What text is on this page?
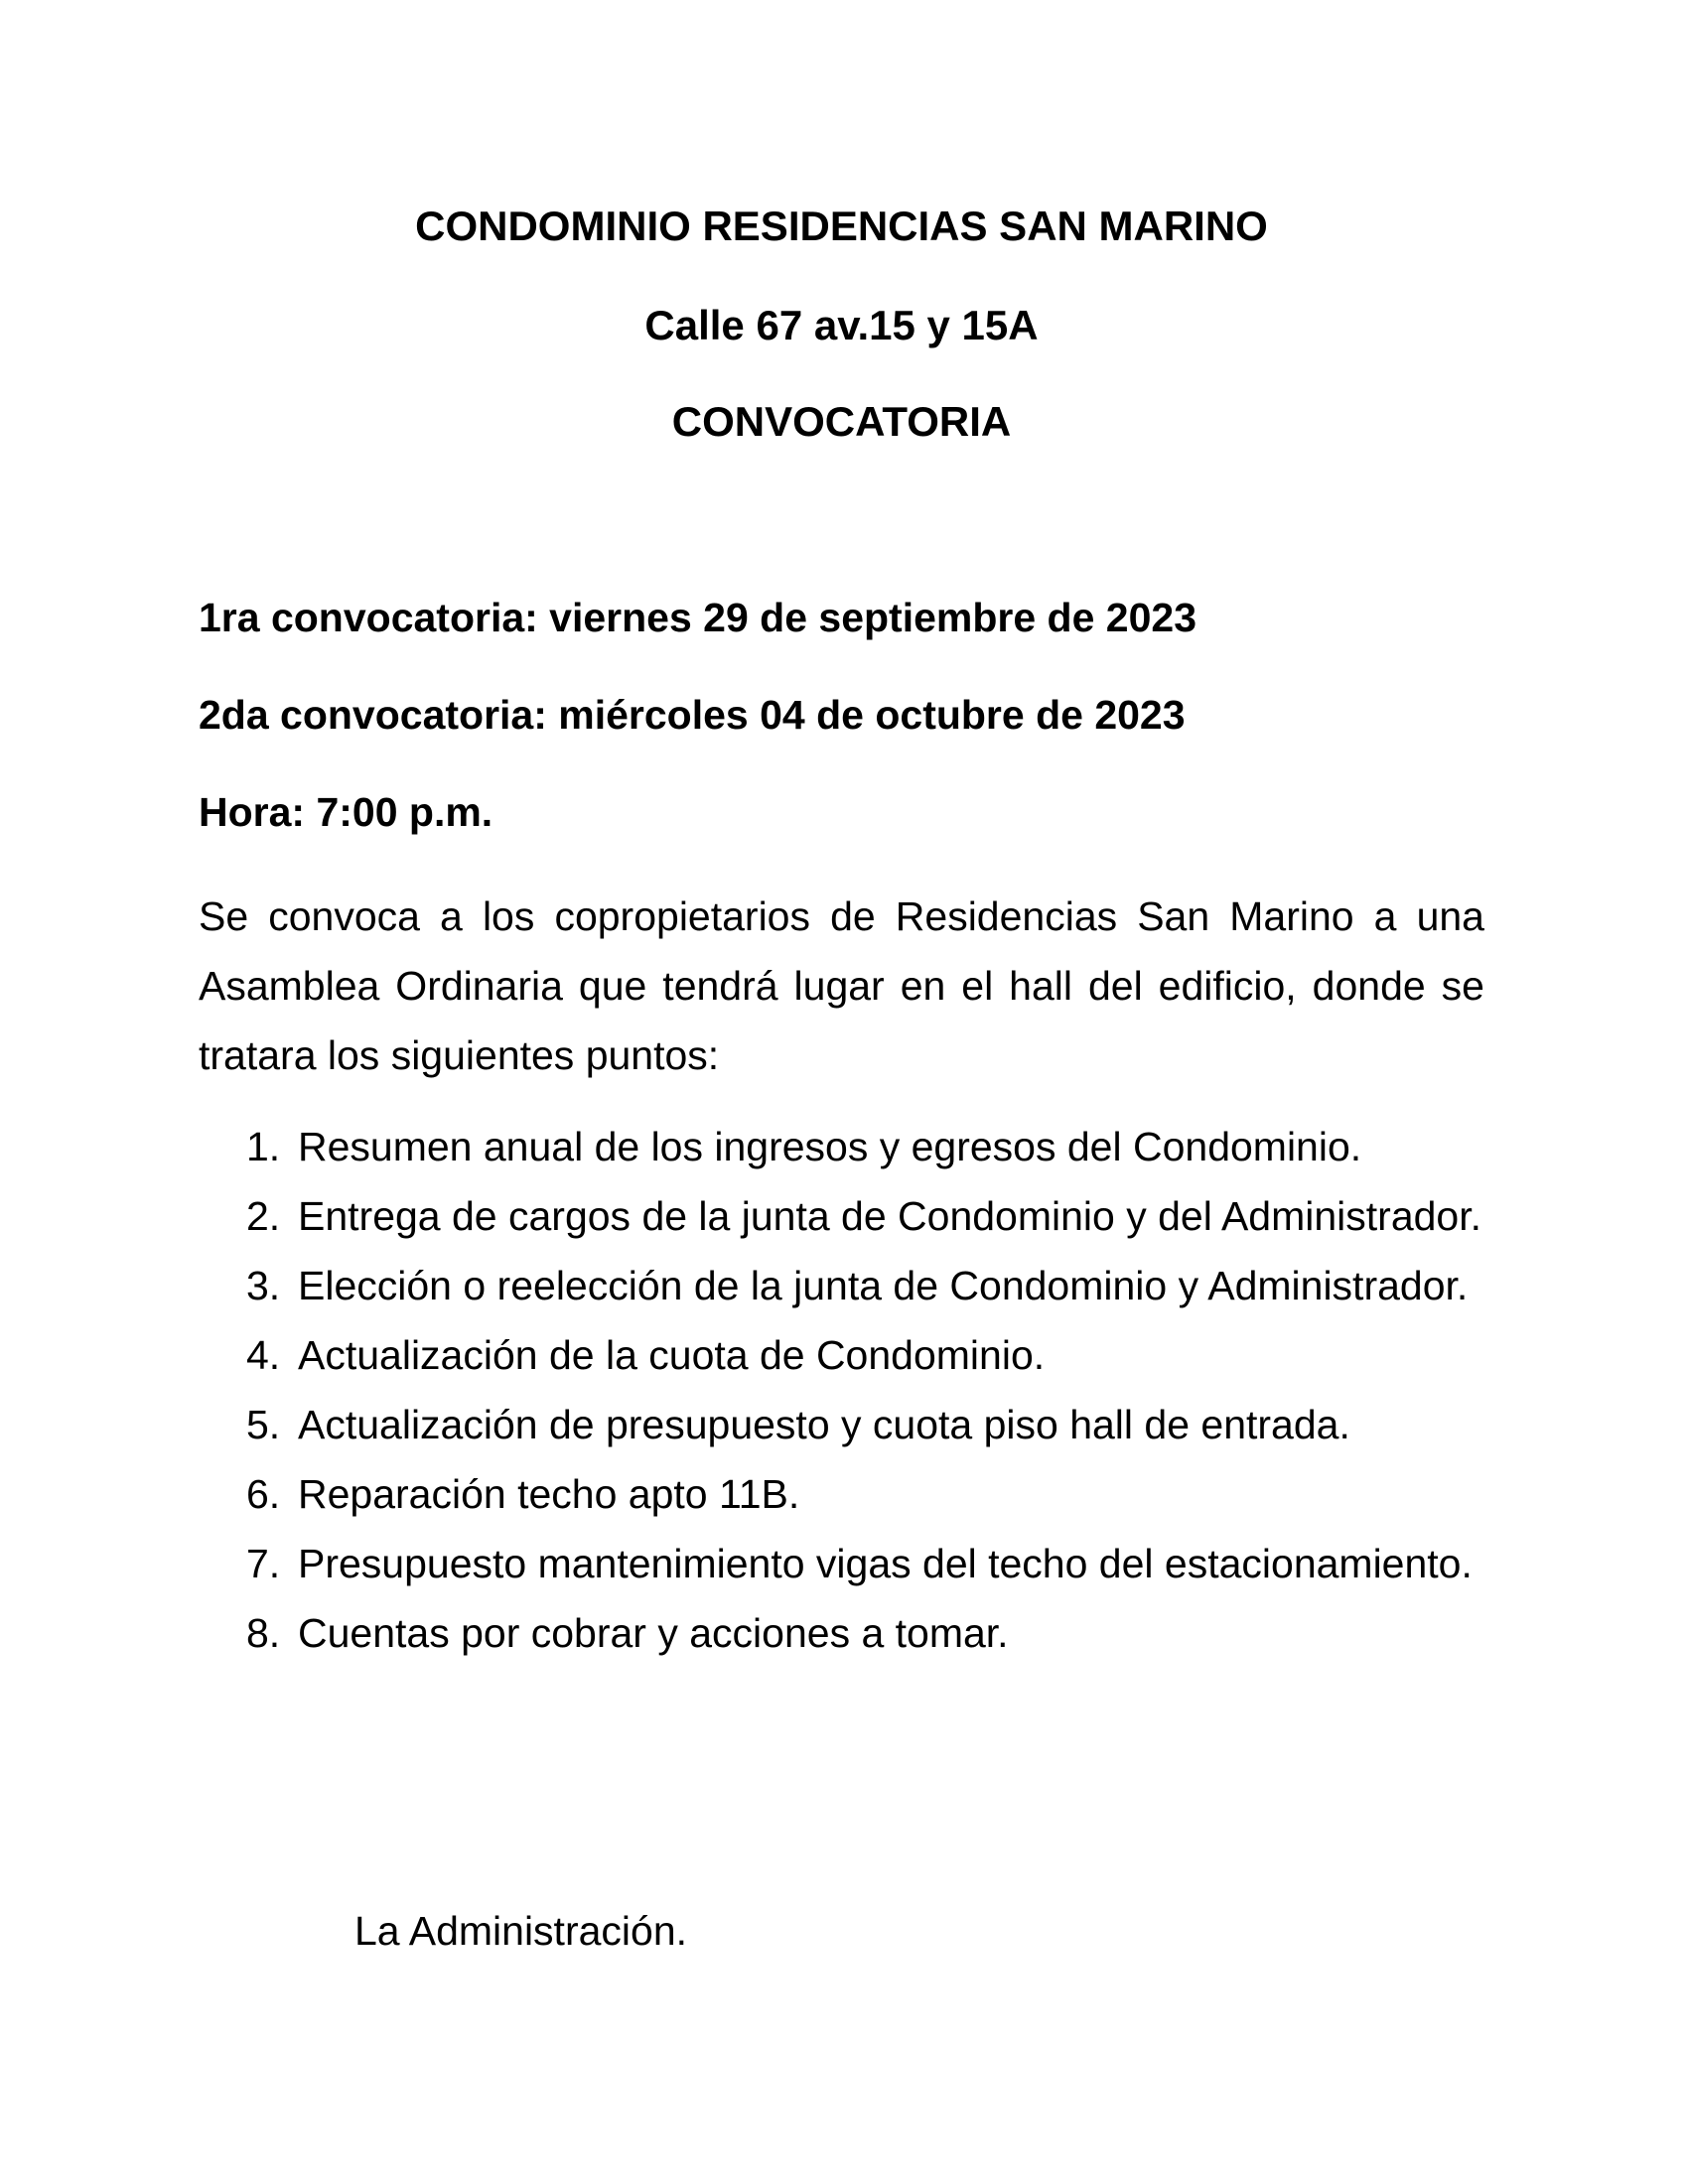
CONDOMINIO RESIDENCIAS SAN MARINO

Calle 67 av.15 y 15A

CONVOCATORIA

1ra convocatoria: viernes 29 de septiembre de 2023

2da convocatoria: miércoles 04 de octubre de 2023

Hora: 7:00 p.m.

Se convoca a los copropietarios de Residencias San Marino a una Asamblea Ordinaria que tendrá lugar en el hall del edificio, donde se tratara los siguientes puntos:

1. Resumen anual de los ingresos y egresos del Condominio.
2. Entrega de cargos de la junta de Condominio y del Administrador.
3. Elección o reelección de la junta de Condominio y Administrador.
4. Actualización de la cuota de Condominio.
5. Actualización de presupuesto y cuota piso hall de entrada.
6. Reparación techo apto 11B.
7. Presupuesto mantenimiento vigas del techo del estacionamiento.
8. Cuentas por cobrar y acciones a tomar.

La Administración.
